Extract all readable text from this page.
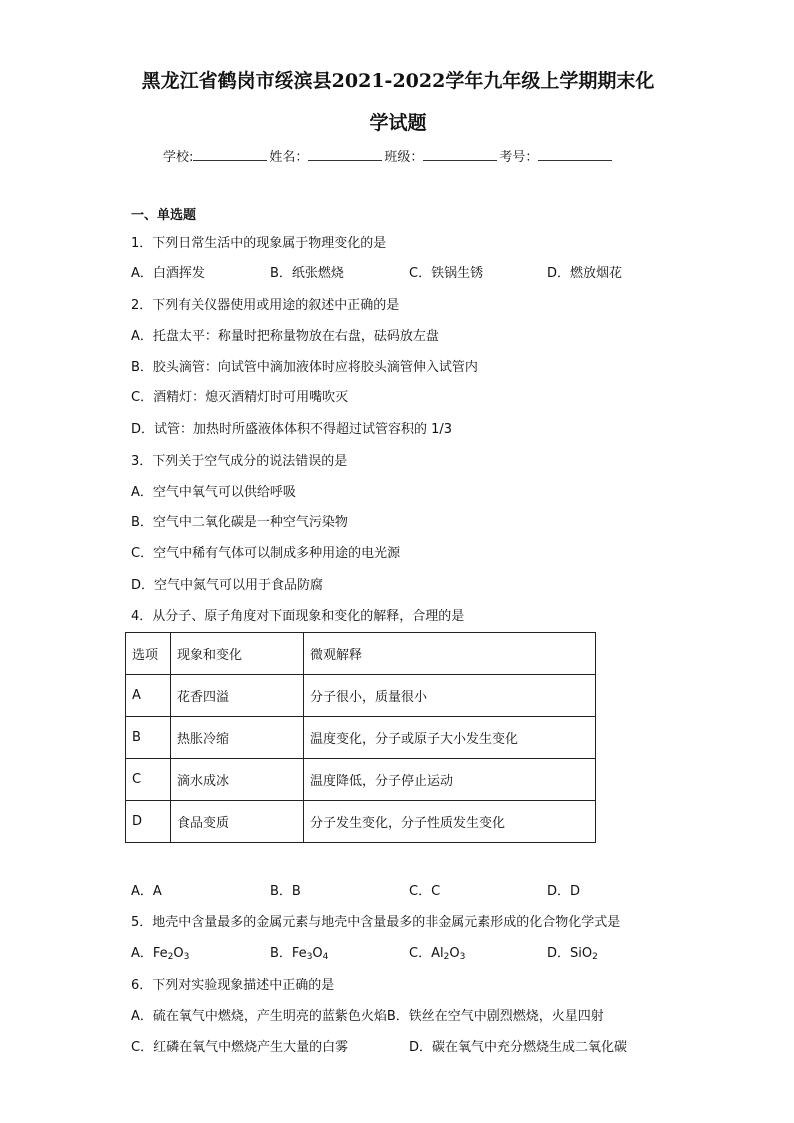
黑龙江省鹤岗市绥滨县2021-2022学年九年级上学期期末化
学试题
学校:	姓名：	班级：	考号：
一、单选题
1．下列日常生活中的现象属于物理变化的是
A．白酒挥发	B．纸张燃烧	C．铁锅生锈	D．燃放烟花
2．下列有关仪器使用或用途的叙述中正确的是
A．托盘太平：称量时把称量物放在右盘，砝码放左盘
B．胶头滴管：向试管中滴加液体时应将胶头滴管伸入试管内
C．酒精灯：熄灭酒精灯时可用嘴吹灭
D．试管：加热时所盛液体体积不得超过试管容积的 1/3
3．下列关于空气成分的说法错误的是
A．空气中氧气可以供给呼吸
B．空气中二氧化碳是一种空气污染物
C．空气中稀有气体可以制成多种用途的电光源
D．空气中氮气可以用于食品防腐
4．从分子、原子角度对下面现象和变化的解释，合理的是
选项	现象和变化	微观解释
A	花香四溢	分子很小，质量很小
B	热胀冷缩	温度变化，分子或原子大小发生变化
C	滴水成冰	温度降低，分子停止运动
D	食品变质	分子发生变化，分子性质发生变化
A．A	B．B	C．C	D．D
5．地壳中含量最多的金属元素与地壳中含量最多的非金属元素形成的化合物化学式是
A．$Fe_2O_3$	B．$Fe_3O_4$	C．$Al_2O_3$	D．SiO$_2$
6．下列对实验现象描述中正确的是
A．硫在氧气中燃烧，产生明亮的蓝紫色火焰B．铁丝在空气中剧烈燃烧，火星四射
C．红磷在氧气中燃烧产生大量的白雾	D．碳在氧气中充分燃烧生成二氧化碳
